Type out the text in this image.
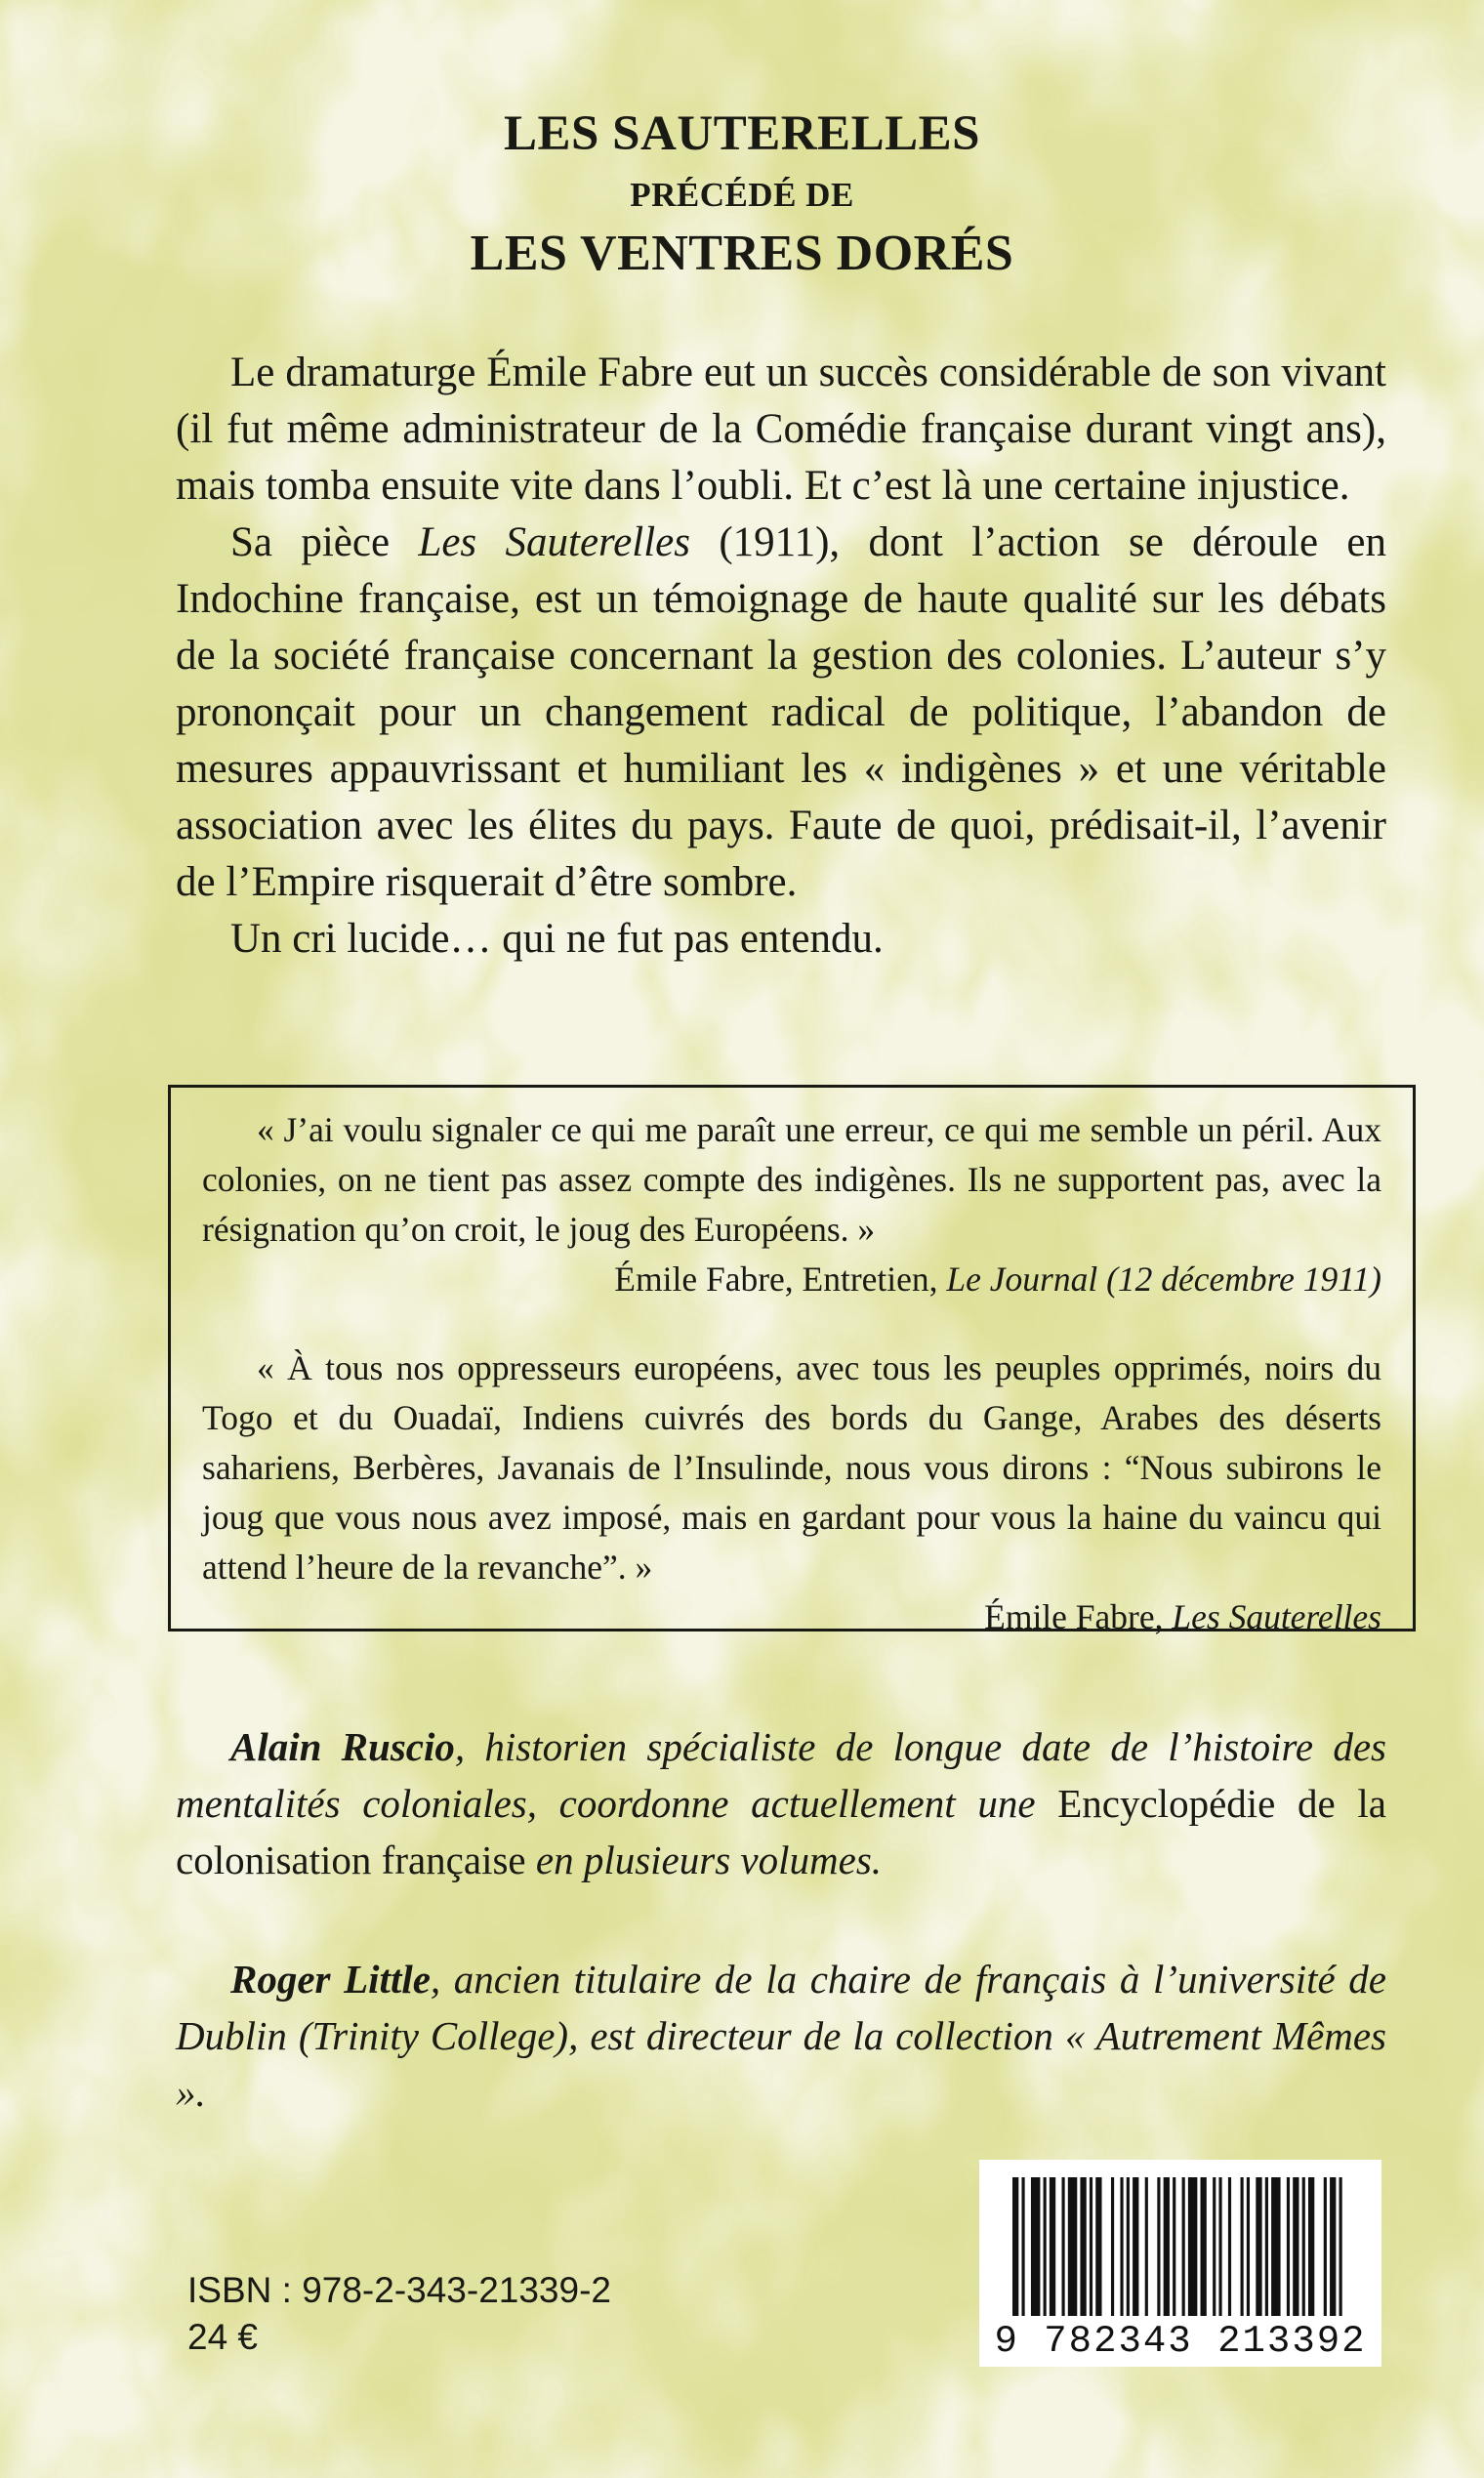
LES SAUTERELLES
PRÉCÉDÉ DE
LES VENTRES DORÉS

Le dramaturge Émile Fabre eut un succès considérable de son vivant (il fut même administrateur de la Comédie française durant vingt ans), mais tomba ensuite vite dans l’oubli. Et c’est là une certaine injustice.

Sa pièce Les Sauterelles (1911), dont l’action se déroule en Indochine française, est un témoignage de haute qualité sur les débats de la société française concernant la gestion des colonies. L’auteur s’y prononçait pour un changement radical de politique, l’abandon de mesures appauvrissant et humiliant les « indigènes » et une véritable association avec les élites du pays. Faute de quoi, prédisait-il, l’avenir de l’Empire risquerait d’être sombre.

Un cri lucide… qui ne fut pas entendu.

« J’ai voulu signaler ce qui me paraît une erreur, ce qui me semble un péril. Aux colonies, on ne tient pas assez compte des indigènes. Ils ne supportent pas, avec la résignation qu’on croit, le joug des Européens. »

Émile Fabre, Entretien, Le Journal (12 décembre 1911)

« À tous nos oppresseurs européens, avec tous les peuples opprimés, noirs du Togo et du Ouadaï, Indiens cuivrés des bords du Gange, Arabes des déserts sahariens, Berbères, Javanais de l’Insulinde, nous vous dirons : “Nous subirons le joug que vous nous avez imposé, mais en gardant pour vous la haine du vaincu qui attend l’heure de la revanche”. »

Émile Fabre, Les Sauterelles

Alain Ruscio, historien spécialiste de longue date de l’histoire des mentalités coloniales, coordonne actuellement une Encyclopédie de la colonisation française en plusieurs volumes.

Roger Little, ancien titulaire de la chaire de français à l’université de Dublin (Trinity College), est directeur de la collection « Autrement Mêmes ».

ISBN : 978-2-343-21339-2
24 €	9 782343 213392
